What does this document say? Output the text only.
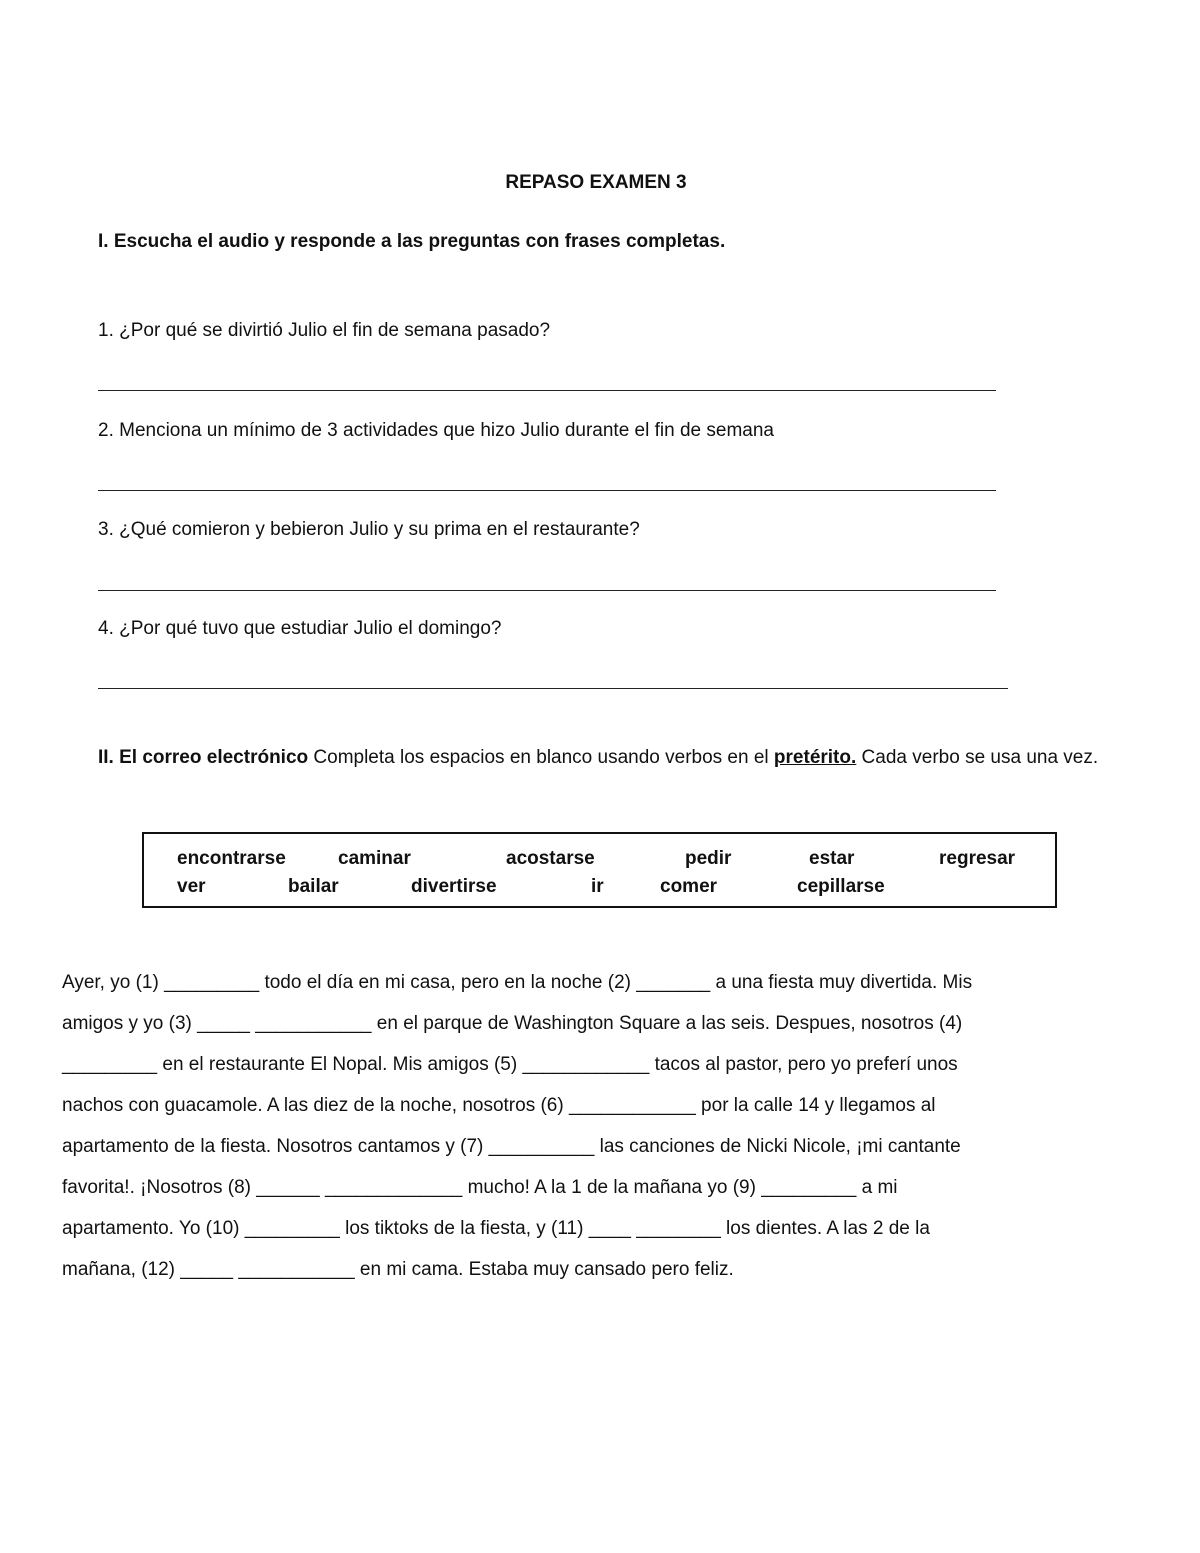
REPASO EXAMEN 3
I. Escucha el audio y responde a las preguntas con frases completas.
1. ¿Por qué se divirtió Julio el fin de semana pasado?
2. Menciona un mínimo de 3 actividades que hizo Julio durante el fin de semana
3. ¿Qué comieron y bebieron Julio y su prima en el restaurante?
4. ¿Por qué tuvo que estudiar Julio el domingo?
II. El correo electrónico Completa los espacios en blanco usando verbos en el pretérito. Cada verbo se usa una vez.
encontrarse	caminar	acostarse	pedir	estar	regresar
ver	bailar	divertirse	ir	comer	cepillarse
Ayer, yo (1) _________ todo el día en mi casa, pero en la noche (2) _______ a una fiesta muy divertida. Mis
amigos y yo (3) _____ ___________ en el parque de Washington Square a las seis. Despues, nosotros (4)
_________ en el restaurante El Nopal. Mis amigos (5) ____________ tacos al pastor, pero yo preferí unos
nachos con guacamole. A las diez de la noche, nosotros (6) ____________ por la calle 14 y llegamos al
apartamento de la fiesta. Nosotros cantamos y (7) __________ las canciones de Nicki Nicole, ¡mi cantante
favorita!. ¡Nosotros (8) ______ _____________ mucho! A la 1 de la mañana yo (9) _________ a mi
apartamento. Yo (10) _________ los tiktoks de la fiesta, y (11) ____ ________ los dientes. A las 2 de la
mañana, (12) _____ ___________ en mi cama. Estaba muy cansado pero feliz.
